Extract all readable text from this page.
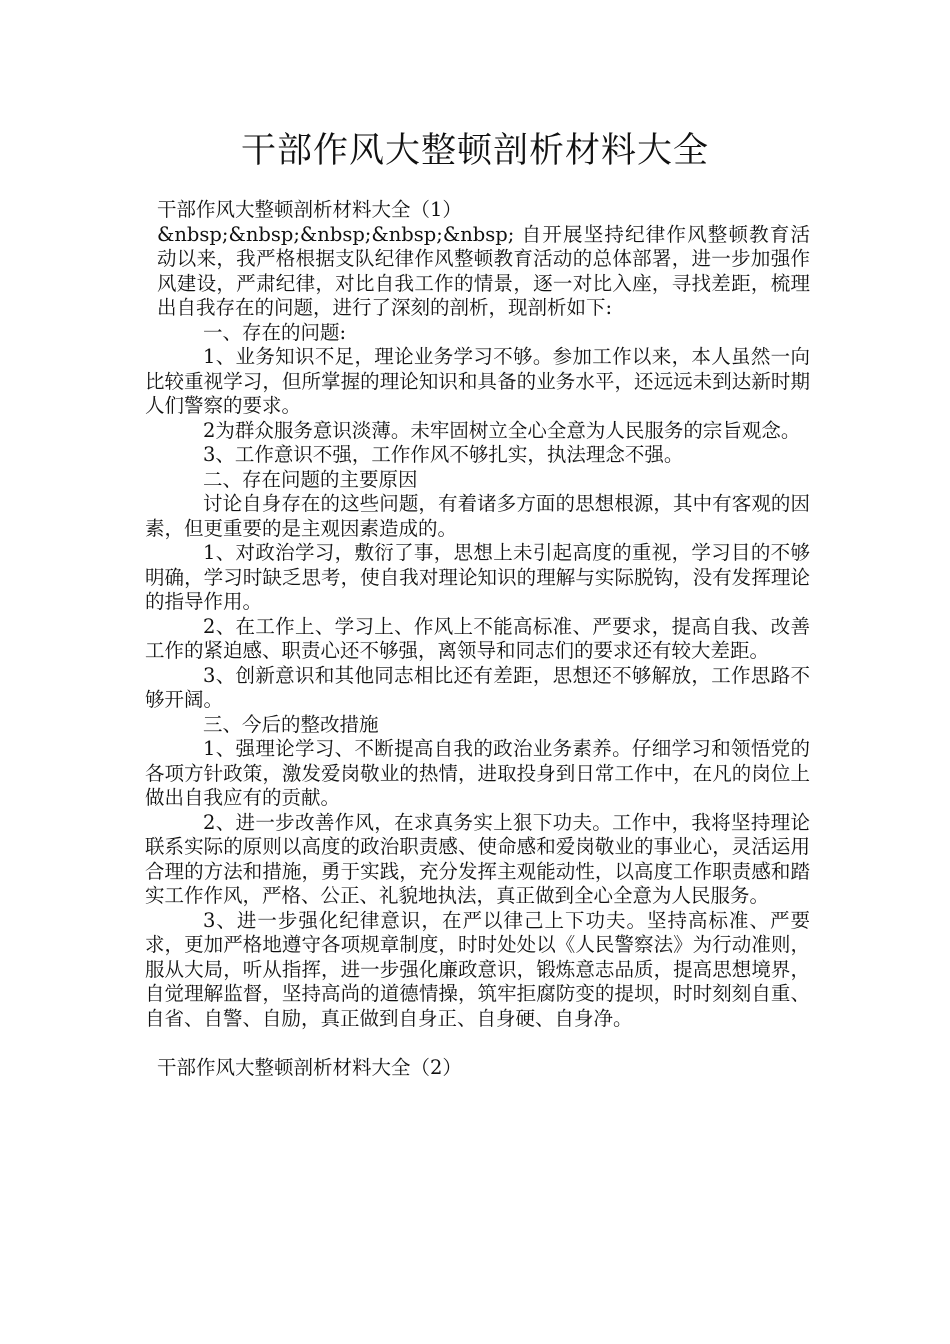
干部作风大整顿剖析材料大全

干部作风大整顿剖析材料大全（1）

&nbsp;&nbsp;&nbsp;&nbsp;&nbsp; 自开展坚持纪律作风整顿教育活动以来，我严格根据支队纪律作风整顿教育活动的总体部署，进一步加强作风建设，严肃纪律，对比自我工作的情景，逐一对比入座，寻找差距，梳理出自我存在的问题，进行了深刻的剖析，现剖析如下:

一、存在的问题:

1、业务知识不足，理论业务学习不够。参加工作以来，本人虽然一向比较重视学习，但所掌握的理论知识和具备的业务水平，还远远未到达新时期人们警察的要求。

2为群众服务意识淡薄。未牢固树立全心全意为人民服务的宗旨观念。

3、工作意识不强，工作作风不够扎实，执法理念不强。

二、存在问题的主要原因

讨论自身存在的这些问题，有着诸多方面的思想根源，其中有客观的因素，但更重要的是主观因素造成的。

1、对政治学习，敷衍了事，思想上未引起高度的重视，学习目的不够明确，学习时缺乏思考，使自我对理论知识的理解与实际脱钩，没有发挥理论的指导作用。

2、在工作上、学习上、作风上不能高标准、严要求，提高自我、改善工作的紧迫感、职责心还不够强，离领导和同志们的要求还有较大差距。

3、创新意识和其他同志相比还有差距，思想还不够解放，工作思路不够开阔。

三、今后的整改措施

1、强理论学习、不断提高自我的政治业务素养。仔细学习和领悟党的各项方针政策，激发爱岗敬业的热情，进取投身到日常工作中，在凡的岗位上做出自我应有的贡献。

2、进一步改善作风，在求真务实上狠下功夫。工作中，我将坚持理论联系实际的原则以高度的政治职责感、使命感和爱岗敬业的事业心，灵活运用合理的方法和措施，勇于实践，充分发挥主观能动性，以高度工作职责感和踏实工作作风，严格、公正、礼貌地执法，真正做到全心全意为人民服务。

3、进一步强化纪律意识，在严以律己上下功夫。坚持高标准、严要求，更加严格地遵守各项规章制度，时时处处以《人民警察法》为行动准则，服从大局，听从指挥，进一步强化廉政意识，锻炼意志品质，提高思想境界，自觉理解监督，坚持高尚的道德情操，筑牢拒腐防变的提坝，时时刻刻自重、自省、自警、自励，真正做到自身正、自身硬、自身净。

干部作风大整顿剖析材料大全（2）
